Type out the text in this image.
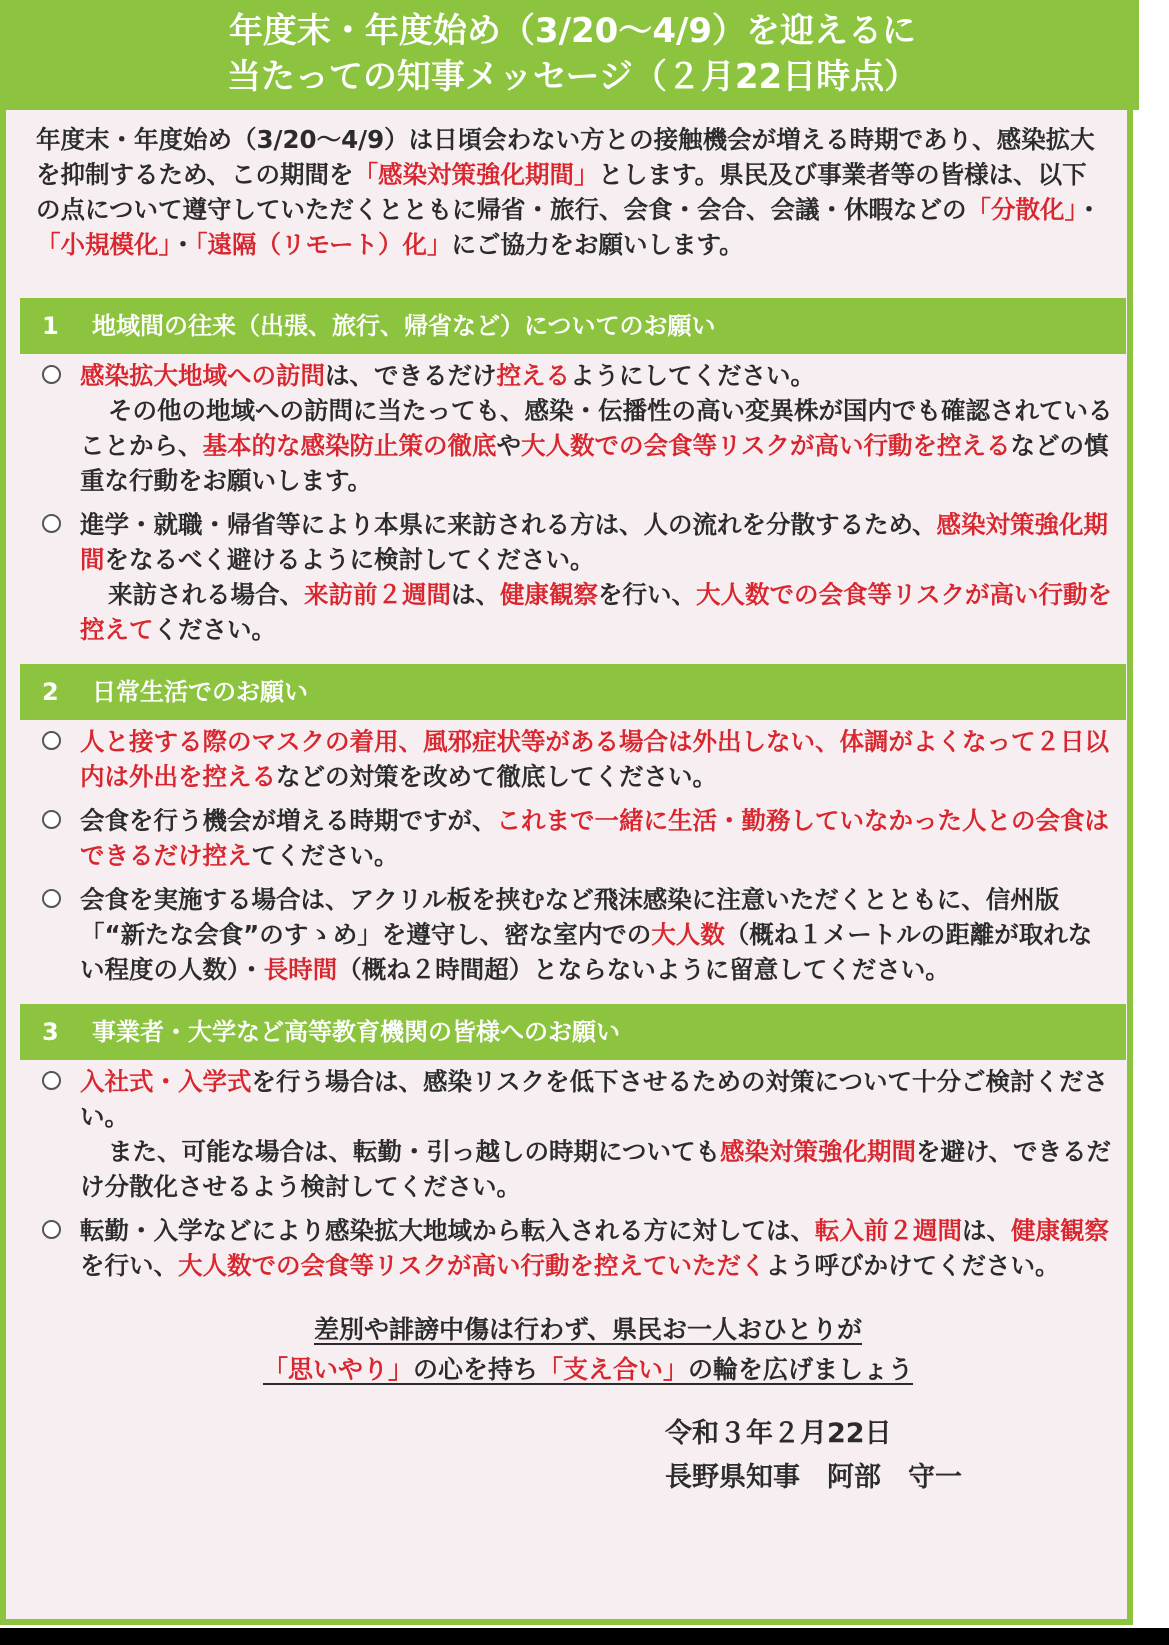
年度末・年度始め（3/20〜4/9）を迎えるに
当たっての知事メッセージ（２月22日時点）
年度末・年度始め（3/20〜4/9）は日頃会わない方との接触機会が増える時期であり、感染拡大を抑制するため、この期間を「感染対策強化期間」とします。県民及び事業者等の皆様は、以下の点について遵守していただくとともに帰省・旅行、会食・会合、会議・休暇などの「分散化」・「小規模化」・「遠隔（リモート）化」にご協力をお願いします。
1 地域間の往来（出張、旅行、帰省など）についてのお願い

感染拡大地域への訪問は、できるだけ控えるようにしてください。

その他の地域への訪問に当たっても、感染・伝播性の高い変異株が国内でも確認されていることから、基本的な感染防止策の徹底や大人数での会食等リスクが高い行動を控えるなどの慎重な行動をお願いします。

進学・就職・帰省等により本県に来訪される方は、人の流れを分散するため、感染対策強化期間をなるべく避けるように検討してください。

来訪される場合、来訪前２週間は、健康観察を行い、大人数での会食等リスクが高い行動を控えてください。

2 日常生活でのお願い

人と接する際のマスクの着用、風邪症状等がある場合は外出しない、体調がよくなって２日以内は外出を控えるなどの対策を改めて徹底してください。

会食を行う機会が増える時期ですが、これまで一緒に生活・勤務していなかった人との会食はできるだけ控えてください。

会食を実施する場合は、アクリル板を挟むなど飛沫感染に注意いただくとともに、信州版「“新たな会食”のすゝめ」を遵守し、密な室内での大人数（概ね１メートルの距離が取れない程度の人数）・長時間（概ね２時間超）とならないように留意してください。

3 事業者・大学など高等教育機関の皆様へのお願い

入社式・入学式を行う場合は、感染リスクを低下させるための対策について十分ご検討ください。

また、可能な場合は、転勤・引っ越しの時期についても感染対策強化期間を避け、できるだけ分散化させるよう検討してください。

転勤・入学などにより感染拡大地域から転入される方に対しては、転入前２週間は、健康観察を行い、大人数での会食等リスクが高い行動を控えていただくよう呼びかけてください。

差別や誹謗中傷は行わず、県民お一人おひとりが
「思いやり」の心を持ち「支え合い」の輪を広げましょう
令和３年２月22日
長野県知事　阿部　守一
